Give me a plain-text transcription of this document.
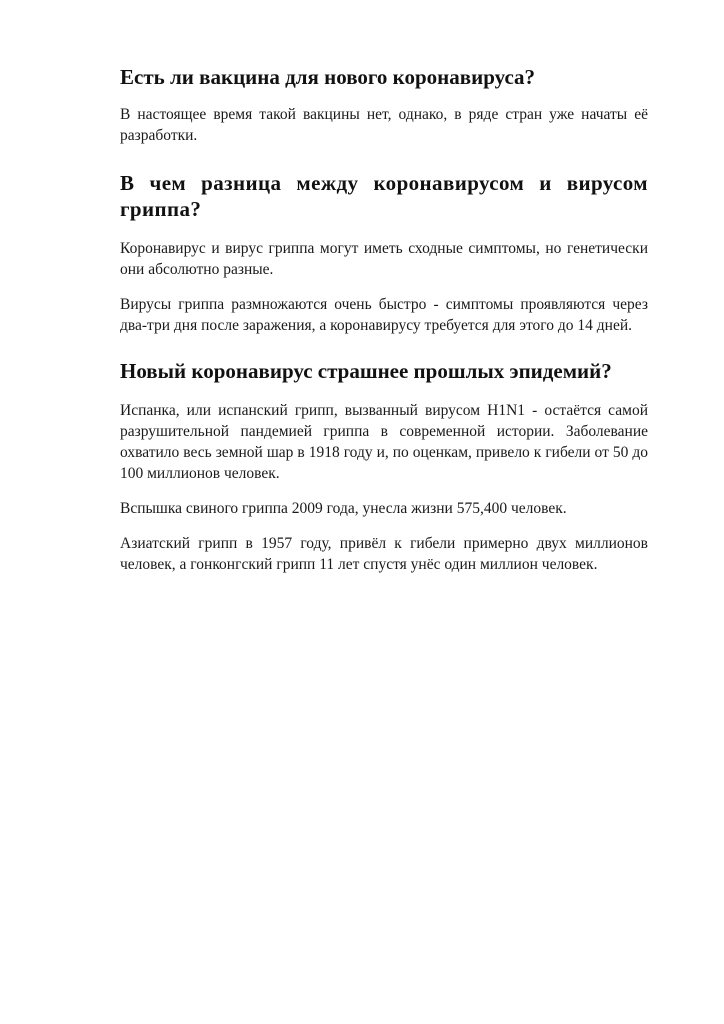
Есть ли вакцина для нового коронавируса?

В настоящее время такой вакцины нет, однако, в ряде стран уже начаты её разработки.

В чем разница между коронавирусом и вирусом гриппа?

Коронавирус и вирус гриппа могут иметь сходные симптомы, но генетически они абсолютно разные.

Вирусы гриппа размножаются очень быстро - симптомы проявляются через два-три дня после заражения, а коронавирусу требуется для этого до 14 дней.

Новый коронавирус страшнее прошлых эпидемий?

Испанка, или испанский грипп, вызванный вирусом H1N1 - остаётся самой разрушительной пандемией гриппа в современной истории. Заболевание охватило весь земной шар в 1918 году и, по оценкам, привело к гибели от 50 до 100 миллионов человек.

Вспышка свиного гриппа 2009 года, унесла жизни 575,400 человек.

Азиатский грипп в 1957 году, привёл к гибели примерно двух миллионов человек, а гонконгский грипп 11 лет спустя унёс один миллион человек.
